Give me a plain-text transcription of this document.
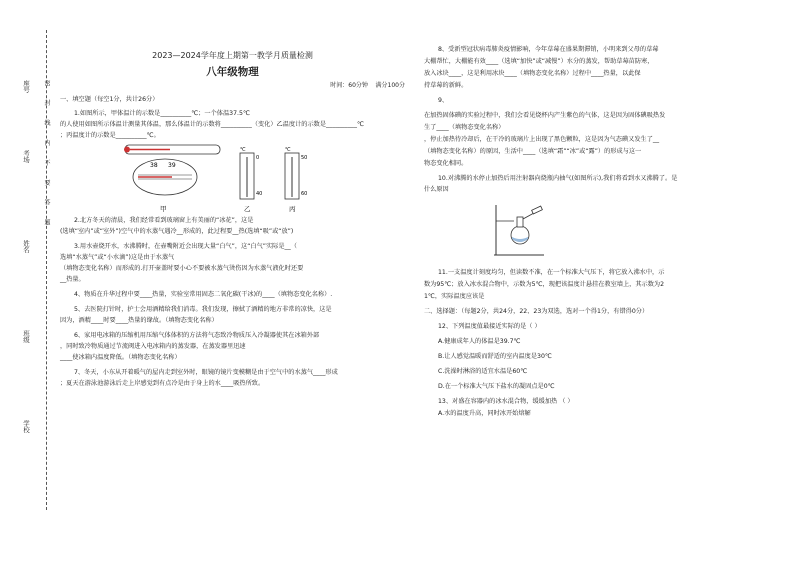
座号
考场
姓名
班级
学校
密 封 线 内 不 要 答 题
2023—2024学年度上期第一教学月质量检测
八年级物理
时间：60分钟 满分100分
一、填空题（每空1分，共计26分）
1.如图所示，甲体温计的示数是__________℃；一个体温37.5℃
的人使用如图所示体温计测量其体温，那么体温计的示数将__________（变化）乙温度计的示数是__________℃
；丙温度计的示数是__________℃。
38 39
甲
℃
0
40
乙
℃
50
60
丙
2.北方冬天的清晨，我们经常看到玻璃窗上有美丽的“冰花”，这是
(选填“室内”或“室外”)空气中的水蒸气遇冷__形成的，此过程要__热(选填“吸”或“放”)
3.用水壶烧开水，水沸腾时，在壶嘴附近会出现大量“白气”，这“白气”实际是__（
选填“水蒸气”或“小水滴”)这是由于水蒸气
（填物态变化名称）而形成的.打开壶盖时要小心不要被水蒸气烫伤因为水蒸气液化时还要
__热量。
4、物质在升华过程中要____热量，实验室常用固态二氧化碳(干冰)的____（填物态变化名称）.
5、去医院打针时，护士会用酒精给我们消毒。我们发现，擦拭了酒精的地方非常的凉快，这是
因为，酒精____时要____热量的缘故。（填物态变化名称）
6、家用电冰箱的压缩机用压缩气体体积的方法将气态致冷物质压入冷凝器使其在冰箱外部
，同时致冷物质通过节流阀进入电冰箱内的蒸发器，在蒸发器里迅速
____使冰箱内温度降低。（填物态变化名称）
7、冬天，小东从开着暖气的屋内走到室外时，眼镜的镜片变模糊是由于空气中的水蒸气____形成
；夏天在游泳池游泳后走上岸感觉到有点冷是由于身上的水____吸热所致。
8、受新型冠状病毒肺炎疫情影响，今年草莓在盛果期滞销，小明来到父母的草莓
大棚帮忙，大棚能有效____（选填“加快”或“减慢”）水分的蒸发，帮助草莓苗防寒，
放入冰块____，这是利用冰块____（填物态变化名称）过程中____热量，以此保
持草莓的新鲜。
9、
在加热固体碘的实验过程中，我们会看见烧杯内产生紫色的气体，这是因为固体碘吸热发
生了____（填物态变化名称）
，停止加热待冷却后，在干冷的玻璃片上出现了黑色颗粒，这是因为气态碘又发生了__
（填物态变化名称）的原因，生活中____（选填“霜”“冰”或“露”）的形成与这一
物态变化相同。
10.对沸腾的水停止加热后用注射器向烧瓶内抽气(如图所示),我们将看到水又沸腾了。是
什么原因
11.一支温度计刻度均匀，但读数不准，在一个标准大气压下，将它放入沸水中，示
数为95℃；放入冰水混合物中，示数为5℃，现把该温度计悬挂在教室墙上，其示数为2
1℃，实际温度应该是
二、选择题：（每题2分，共24分，22、23为双选，选对一个得1分，有错得0分）
12、下列温度值最接近实际的是（ ）
A.健康成年人的体温是39.7℃
B.让人感觉温暖而舒适的室内温度是30℃
C.洗澡时淋浴的适宜水温是60℃
D.在一个标准大气压下盐水的凝固点是0℃
13、对盛在容器内的冰水混合物，缓缓加热 （ ）
A.水的温度升高，同时冰开始熔解
